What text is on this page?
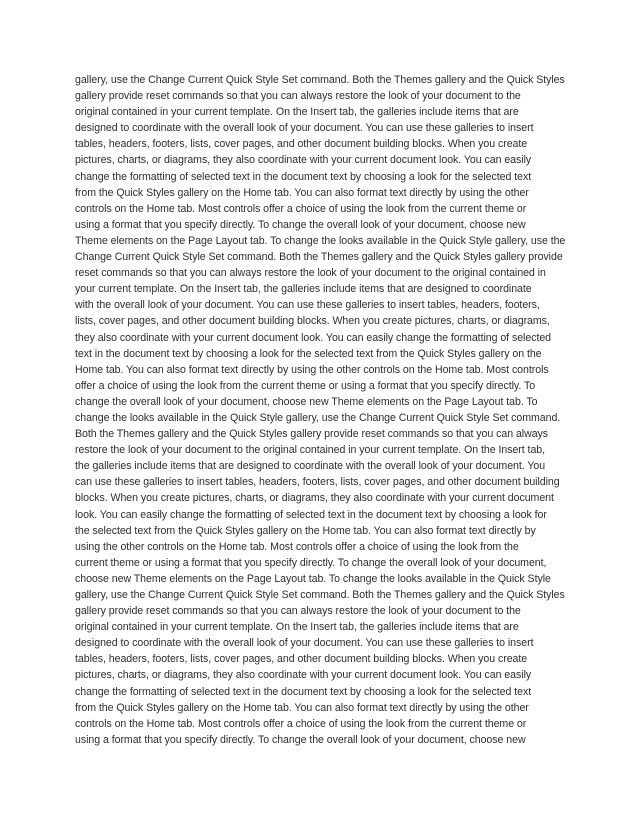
gallery, use the Change Current Quick Style Set command. Both the Themes gallery and the Quick Styles
gallery provide reset commands so that you can always restore the look of your document to the
original contained in your current template. On the Insert tab, the galleries include items that are
designed to coordinate with the overall look of your document. You can use these galleries to insert
tables, headers, footers, lists, cover pages, and other document building blocks. When you create
pictures, charts, or diagrams, they also coordinate with your current document look. You can easily
change the formatting of selected text in the document text by choosing a look for the selected text
from the Quick Styles gallery on the Home tab. You can also format text directly by using the other
controls on the Home tab. Most controls offer a choice of using the look from the current theme or
using a format that you specify directly. To change the overall look of your document, choose new
Theme elements on the Page Layout tab. To change the looks available in the Quick Style gallery, use the
Change Current Quick Style Set command. Both the Themes gallery and the Quick Styles gallery provide
reset commands so that you can always restore the look of your document to the original contained in
your current template. On the Insert tab, the galleries include items that are designed to coordinate
with the overall look of your document. You can use these galleries to insert tables, headers, footers,
lists, cover pages, and other document building blocks. When you create pictures, charts, or diagrams,
they also coordinate with your current document look. You can easily change the formatting of selected
text in the document text by choosing a look for the selected text from the Quick Styles gallery on the
Home tab. You can also format text directly by using the other controls on the Home tab. Most controls
offer a choice of using the look from the current theme or using a format that you specify directly. To
change the overall look of your document, choose new Theme elements on the Page Layout tab. To
change the looks available in the Quick Style gallery, use the Change Current Quick Style Set command.
Both the Themes gallery and the Quick Styles gallery provide reset commands so that you can always
restore the look of your document to the original contained in your current template. On the Insert tab,
the galleries include items that are designed to coordinate with the overall look of your document. You
can use these galleries to insert tables, headers, footers, lists, cover pages, and other document building
blocks. When you create pictures, charts, or diagrams, they also coordinate with your current document
look. You can easily change the formatting of selected text in the document text by choosing a look for
the selected text from the Quick Styles gallery on the Home tab. You can also format text directly by
using the other controls on the Home tab. Most controls offer a choice of using the look from the
current theme or using a format that you specify directly. To change the overall look of your document,
choose new Theme elements on the Page Layout tab. To change the looks available in the Quick Style
gallery, use the Change Current Quick Style Set command. Both the Themes gallery and the Quick Styles
gallery provide reset commands so that you can always restore the look of your document to the
original contained in your current template. On the Insert tab, the galleries include items that are
designed to coordinate with the overall look of your document. You can use these galleries to insert
tables, headers, footers, lists, cover pages, and other document building blocks. When you create
pictures, charts, or diagrams, they also coordinate with your current document look. You can easily
change the formatting of selected text in the document text by choosing a look for the selected text
from the Quick Styles gallery on the Home tab. You can also format text directly by using the other
controls on the Home tab. Most controls offer a choice of using the look from the current theme or
using a format that you specify directly. To change the overall look of your document, choose new
